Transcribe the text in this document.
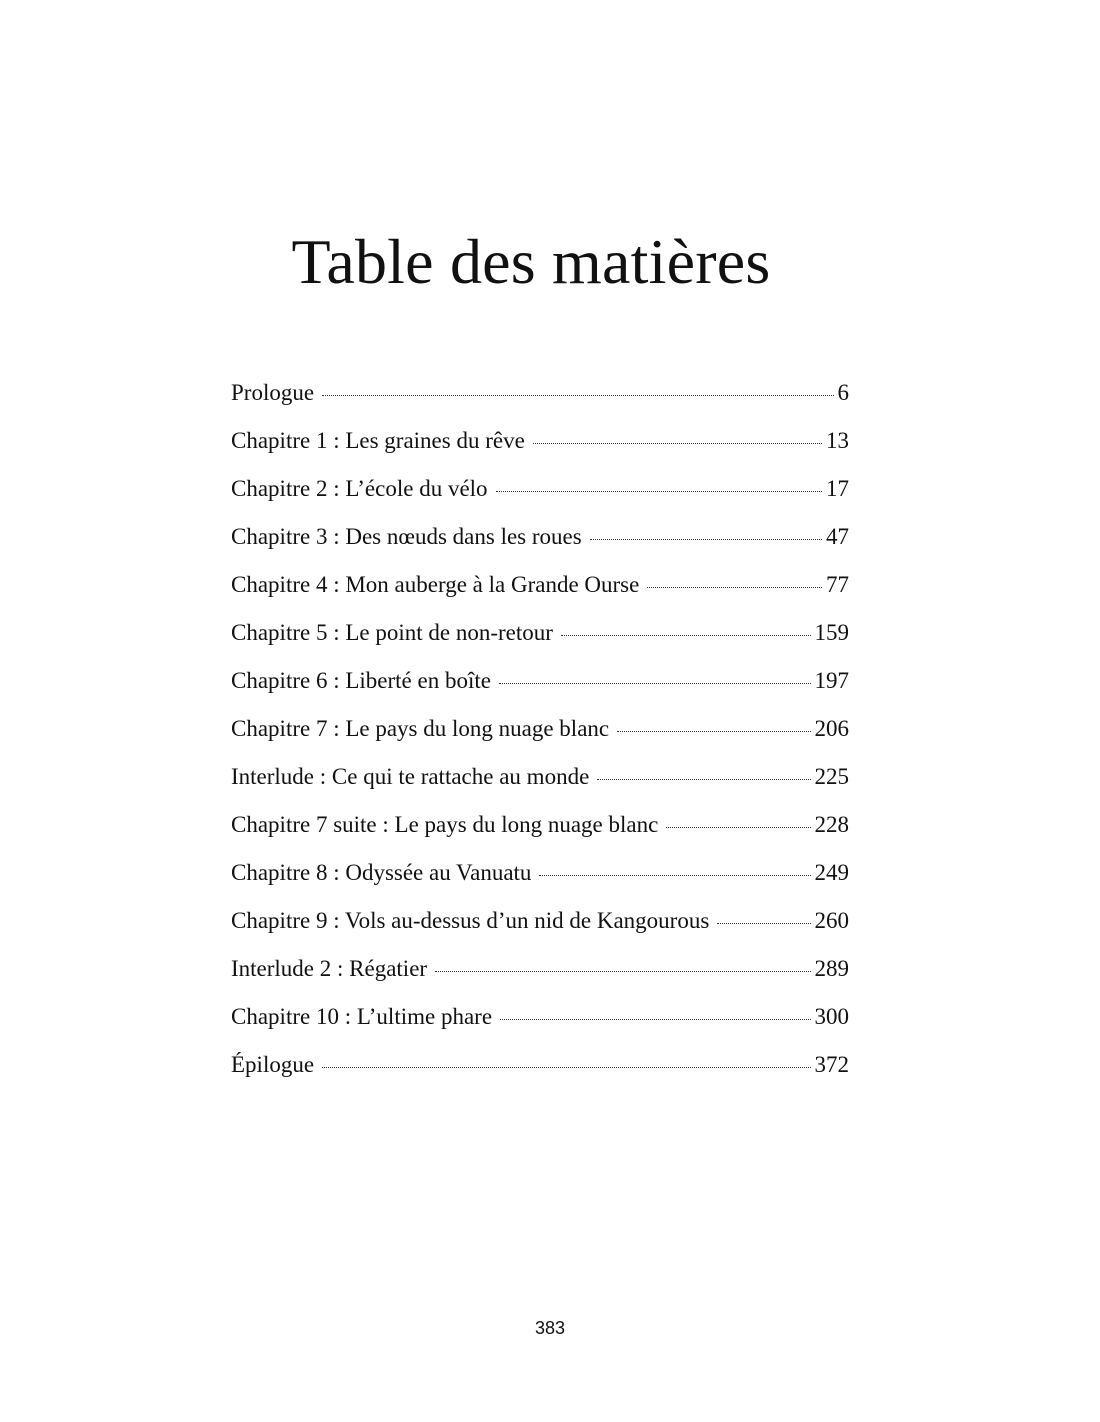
Table des matières
Prologue	6
Chapitre 1 : Les graines du rêve	13
Chapitre 2 : L’école du vélo	17
Chapitre 3 : Des nœuds dans les roues	47
Chapitre 4 : Mon auberge à la Grande Ourse	77
Chapitre 5 : Le point de non-retour	159
Chapitre 6 : Liberté en boîte	197
Chapitre 7 : Le pays du long nuage blanc	206
Interlude : Ce qui te rattache au monde	225
Chapitre 7 suite : Le pays du long nuage blanc	228
Chapitre 8 : Odyssée au Vanuatu	249
Chapitre 9 : Vols au-dessus d’un nid de Kangourous	260
Interlude 2 : Régatier	289
Chapitre 10 : L’ultime phare	300
Épilogue	372
383
